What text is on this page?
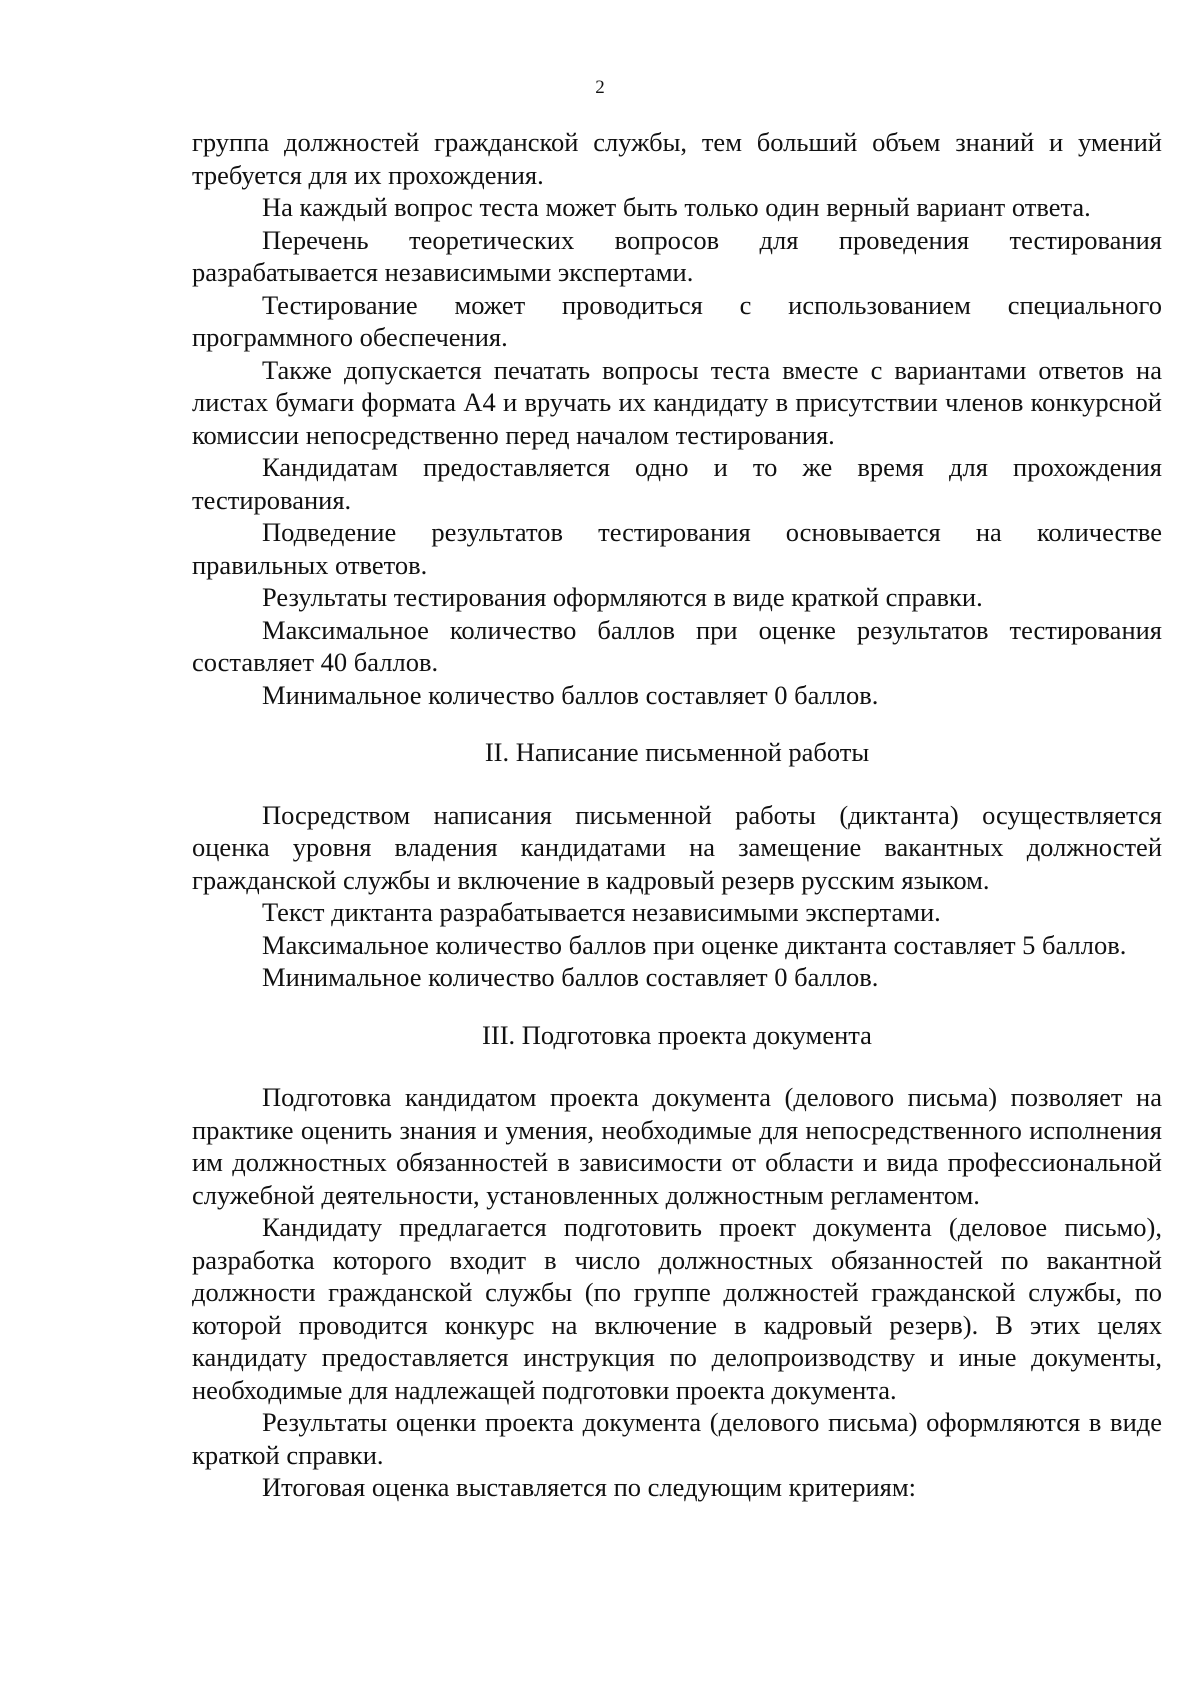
2

группа должностей гражданской службы, тем больший объем знаний и умений требуется для их прохождения.

На каждый вопрос теста может быть только один верный вариант ответа.

Перечень теоретических вопросов для проведения тестирования разрабатывается независимыми экспертами.

Тестирование может проводиться с использованием специального программного обеспечения.

Также допускается печатать вопросы теста вместе с вариантами ответов на листах бумаги формата А4 и вручать их кандидату в присутствии членов конкурсной комиссии непосредственно перед началом тестирования.

Кандидатам предоставляется одно и то же время для прохождения тестирования.

Подведение результатов тестирования основывается на количестве правильных ответов.

Результаты тестирования оформляются в виде краткой справки.

Максимальное количество баллов при оценке результатов тестирования составляет 40 баллов.

Минимальное количество баллов составляет 0 баллов.

II. Написание письменной работы

Посредством написания письменной работы (диктанта) осуществляется оценка уровня владения кандидатами на замещение вакантных должностей гражданской службы и включение в кадровый резерв русским языком.

Текст диктанта разрабатывается независимыми экспертами.

Максимальное количество баллов при оценке диктанта составляет 5 баллов.

Минимальное количество баллов составляет 0 баллов.

III. Подготовка проекта документа

Подготовка кандидатом проекта документа (делового письма) позволяет на практике оценить знания и умения, необходимые для непосредственного исполнения им должностных обязанностей в зависимости от области и вида профессиональной служебной деятельности, установленных должностным регламентом.

Кандидату предлагается подготовить проект документа (деловое письмо), разработка которого входит в число должностных обязанностей по вакантной должности гражданской службы (по группе должностей гражданской службы, по которой проводится конкурс на включение в кадровый резерв). В этих целях кандидату предоставляется инструкция по делопроизводству и иные документы, необходимые для надлежащей подготовки проекта документа.

Результаты оценки проекта документа (делового письма) оформляются в виде краткой справки.

Итоговая оценка выставляется по следующим критериям:
